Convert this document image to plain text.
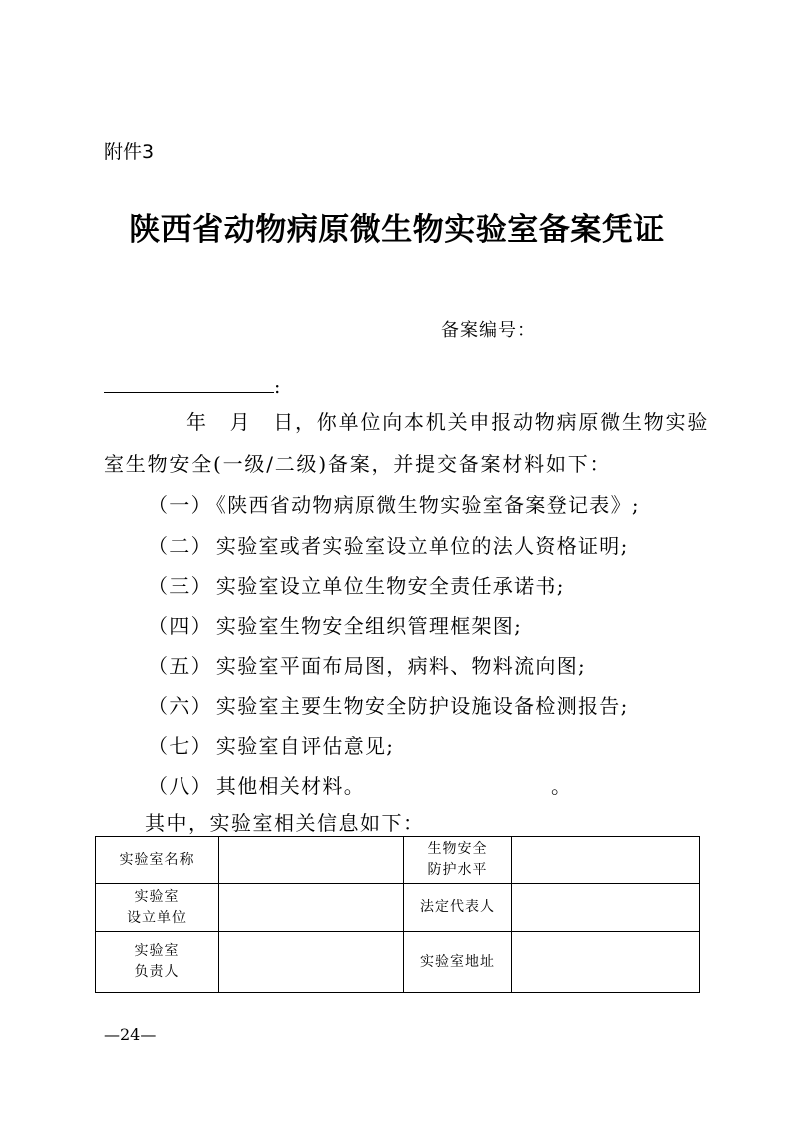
附件3
陕西省动物病原微生物实验室备案凭证
备案编号：
:
年　月　日，你单位向本机关申报动物病原微生物实验
室生物安全(一级/二级)备案，并提交备案材料如下：
（一） 《陕西省动物病原微生物实验室备案登记表》;
（二） 实验室或者实验室设立单位的法人资格证明;
（三） 实验室设立单位生物安全责任承诺书;
（四） 实验室生物安全组织管理框架图;
（五） 实验室平面布局图，病料、物料流向图;
（六） 实验室主要生物安全防护设施设备检测报告;
（七） 实验室自评估意见;
（八） 其他相关材料。	。
其中，实验室相关信息如下：
实验室名称		生物安全
防护水平	

实验室
设立单位		法定代表人	

实验室
负责人		实验室地址	
—24—
